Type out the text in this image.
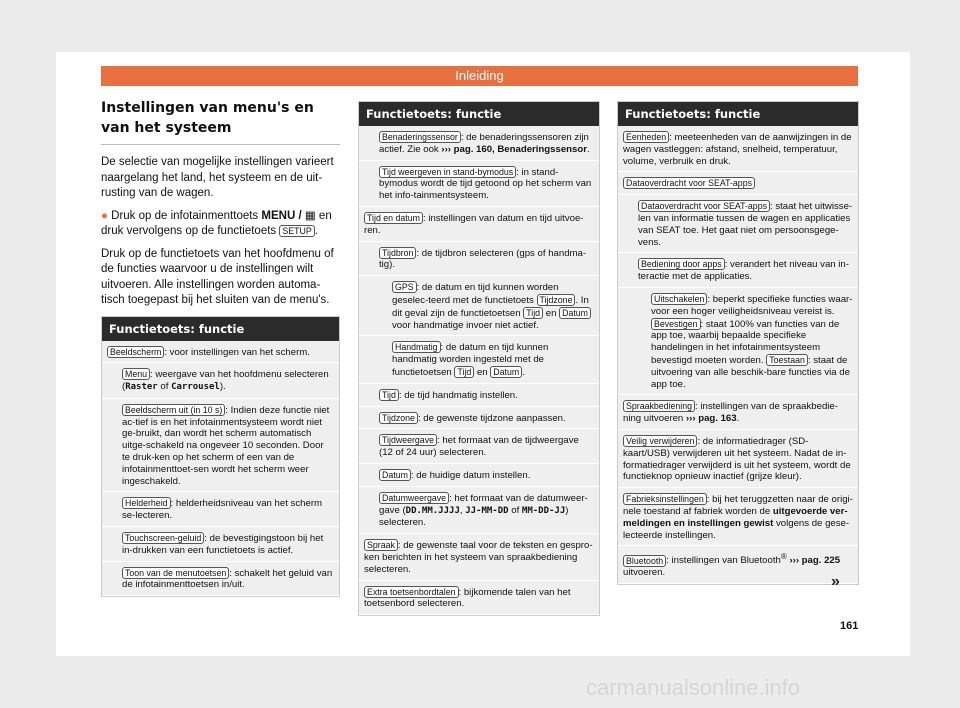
Inleiding
Instellingen van menu's en van het systeem

De selectie van mogelijke instellingen varieert naargelang het land, het systeem en de uit-rusting van de wagen.

● Druk op de infotainmenttoets MENU / ▦ en druk vervolgens op de functietoets SETUP .

Druk op de functietoets van het hoofdmenu of de functies waarvoor u de instellingen wilt uitvoeren. Alle instellingen worden automa-tisch toegepast bij het sluiten van de menu's.

Functietoets: functie
Beeldscherm : voor instellingen van het scherm.
Menu : weergave van het hoofdmenu selecteren (Raster of Carrousel).
Beeldscherm uit (in 10 s) : Indien deze functie niet ac-tief is en het infotainmentsysteem wordt niet ge-bruikt, dan wordt het scherm automatisch uitge-schakeld na ongeveer 10 seconden. Door te druk-ken op het scherm of een van de infotainmenttoet-sen wordt het scherm weer ingeschakeld.
Helderheid : helderheidsniveau van het scherm se-lecteren.
Touchscreen-geluid : de bevestigingstoon bij het in-drukken van een functietoets is actief.
Toon van de menutoetsen : schakelt het geluid van de infotainmenttoetsen in/uit.
Functietoets: functie
Benaderingssensor : de benaderingssensoren zijn actief. Zie ook ››› pag. 160, Benaderingssensor.
Tijd weergeven in stand-bymodus : in stand-bymodus wordt de tijd getoond op het scherm van het info-tainmentsysteem.
Tijd en datum : instellingen van datum en tijd uitvoe-ren.
Tijdbron : de tijdbron selecteren (gps of handma-tig).
GPS : de datum en tijd kunnen worden geselec-teerd met de functietoets Tijdzone . In dit geval zijn de functietoetsen Tijd en Datum voor handmatige invoer niet actief.
Handmatig : de datum en tijd kunnen handmatig worden ingesteld met de functietoetsen Tijd en Datum .
Tijd : de tijd handmatig instellen.
Tijdzone : de gewenste tijdzone aanpassen.
Tijdweergave : het formaat van de tijdweergave (12 of 24 uur) selecteren.
Datum : de huidige datum instellen.
Datumweergave : het formaat van de datumweer-gave (DD.MM.JJJJ, JJ-MM-DD of MM-DD-JJ) selecteren.
Spraak : de gewenste taal voor de teksten en gespro-ken berichten in het systeem van spraakbediening selecteren.
Extra toetsenbordtalen : bijkomende talen van het toetsenbord selecteren.
Functietoets: functie
Eenheden : meeteenheden van de aanwijzingen in de wagen vastleggen: afstand, snelheid, temperatuur, volume, verbruik en druk.
Dataoverdracht voor SEAT-apps
Dataoverdracht voor SEAT-apps : staat het uitwisse-len van informatie tussen de wagen en applicaties van SEAT toe. Het gaat niet om persoonsgege-vens.
Bediening door apps : verandert het niveau van in-teractie met de applicaties.
Uitschakelen : beperkt specifieke functies waar-voor een hoger veiligheidsniveau vereist is. Bevestigen : staat 100% van functies van de app toe, waarbij bepaalde specifieke handelingen in het infotainmentsysteem bevestigd moeten worden. Toestaan : staat de uitvoering van alle beschik-bare functies via de app toe.
Spraakbediening : instellingen van de spraakbedie-ning uitvoeren ››› pag. 163.
Veilig verwijderen : de informatiedrager (SD-kaart/USB) verwijderen uit het systeem. Nadat de in-formatiedrager verwijderd is uit het systeem, wordt de functieknop opnieuw inactief (grijze kleur).
Fabrieksinstellingen : bij het teruggzetten naar de origi-nele toestand af fabriek worden de uitgevoerde ver-meldingen en instellingen gewist volgens de gese-lecteerde instellingen.
Bluetooth : instellingen van Bluetooth® ››› pag. 225 uitvoeren.
»
161
carmanualsonline.info
